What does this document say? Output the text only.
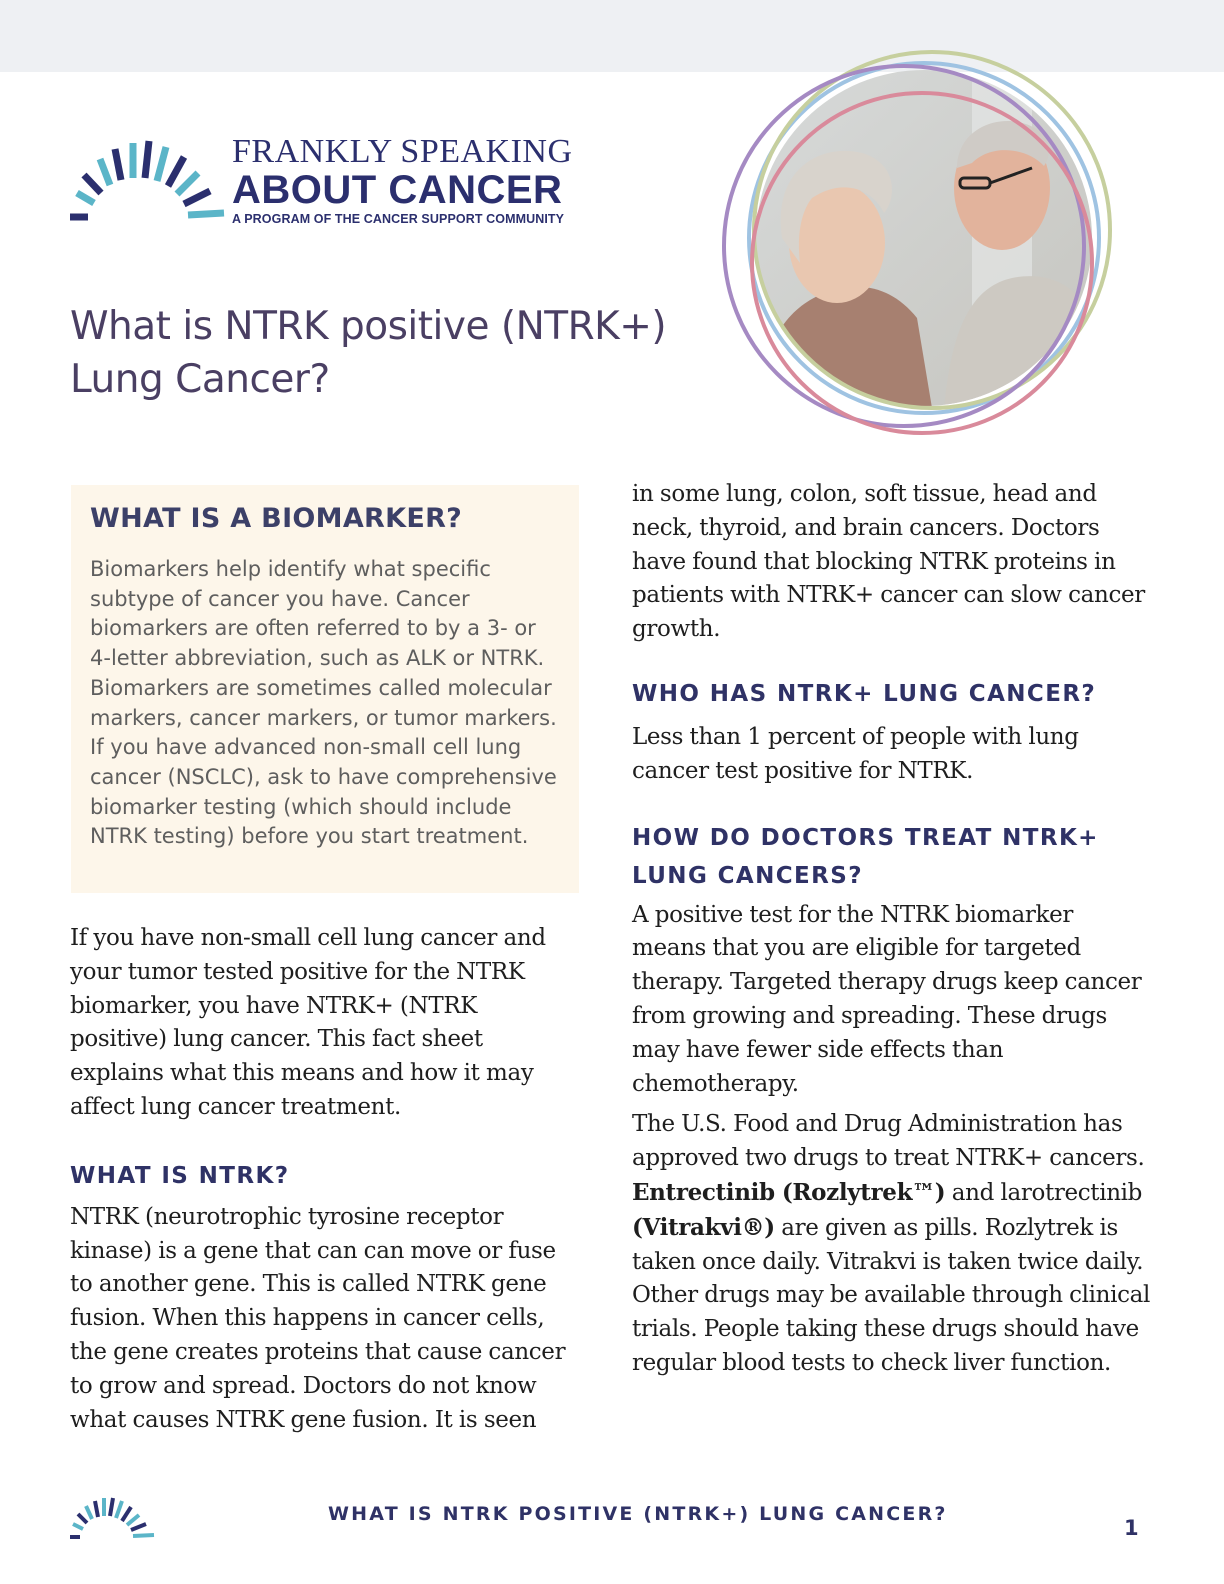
FRANKLY SPEAKING
ABOUT CANCER
A PROGRAM OF THE CANCER SUPPORT COMMUNITY
What is NTRK positive (NTRK+)
Lung Cancer?
WHAT IS A BIOMARKER?

Biomarkers help identify what specific subtype of cancer you have. Cancer biomarkers are often referred to by a 3- or 4-letter abbreviation, such as ALK or NTRK. Biomarkers are sometimes called molecular markers, cancer markers, or tumor markers. If you have advanced non-small cell lung cancer (NSCLC), ask to have comprehensive biomarker testing (which should include NTRK testing) before you start treatment.

If you have non-small cell lung cancer and your tumor tested positive for the NTRK biomarker, you have NTRK+ (NTRK positive) lung cancer. This fact sheet explains what this means and how it may affect lung cancer treatment.

WHAT IS NTRK?

NTRK (neurotrophic tyrosine receptor kinase) is a gene that can can move or fuse to another gene. This is called NTRK gene fusion. When this happens in cancer cells, the gene creates proteins that cause cancer to grow and spread. Doctors do not know what causes NTRK gene fusion. It is seen

in some lung, colon, soft tissue, head and neck, thyroid, and brain cancers. Doctors have found that blocking NTRK proteins in patients with NTRK+ cancer can slow cancer growth.

WHO HAS NTRK+ LUNG CANCER?

Less than 1 percent of people with lung cancer test positive for NTRK.

HOW DO DOCTORS TREAT NTRK+
LUNG CANCERS?

A positive test for the NTRK biomarker means that you are eligible for targeted therapy. Targeted therapy drugs keep cancer from growing and spreading. These drugs may have fewer side effects than chemotherapy.

The U.S. Food and Drug Administration has approved two drugs to treat NTRK+ cancers. Entrectinib (Rozlytrek™) and larotrectinib (Vitrakvi®) are given as pills. Rozlytrek is taken once daily. Vitrakvi is taken twice daily. Other drugs may be available through clinical trials. People taking these drugs should have regular blood tests to check liver function.

WHAT IS NTRK POSITIVE (NTRK+) LUNG CANCER?
1
